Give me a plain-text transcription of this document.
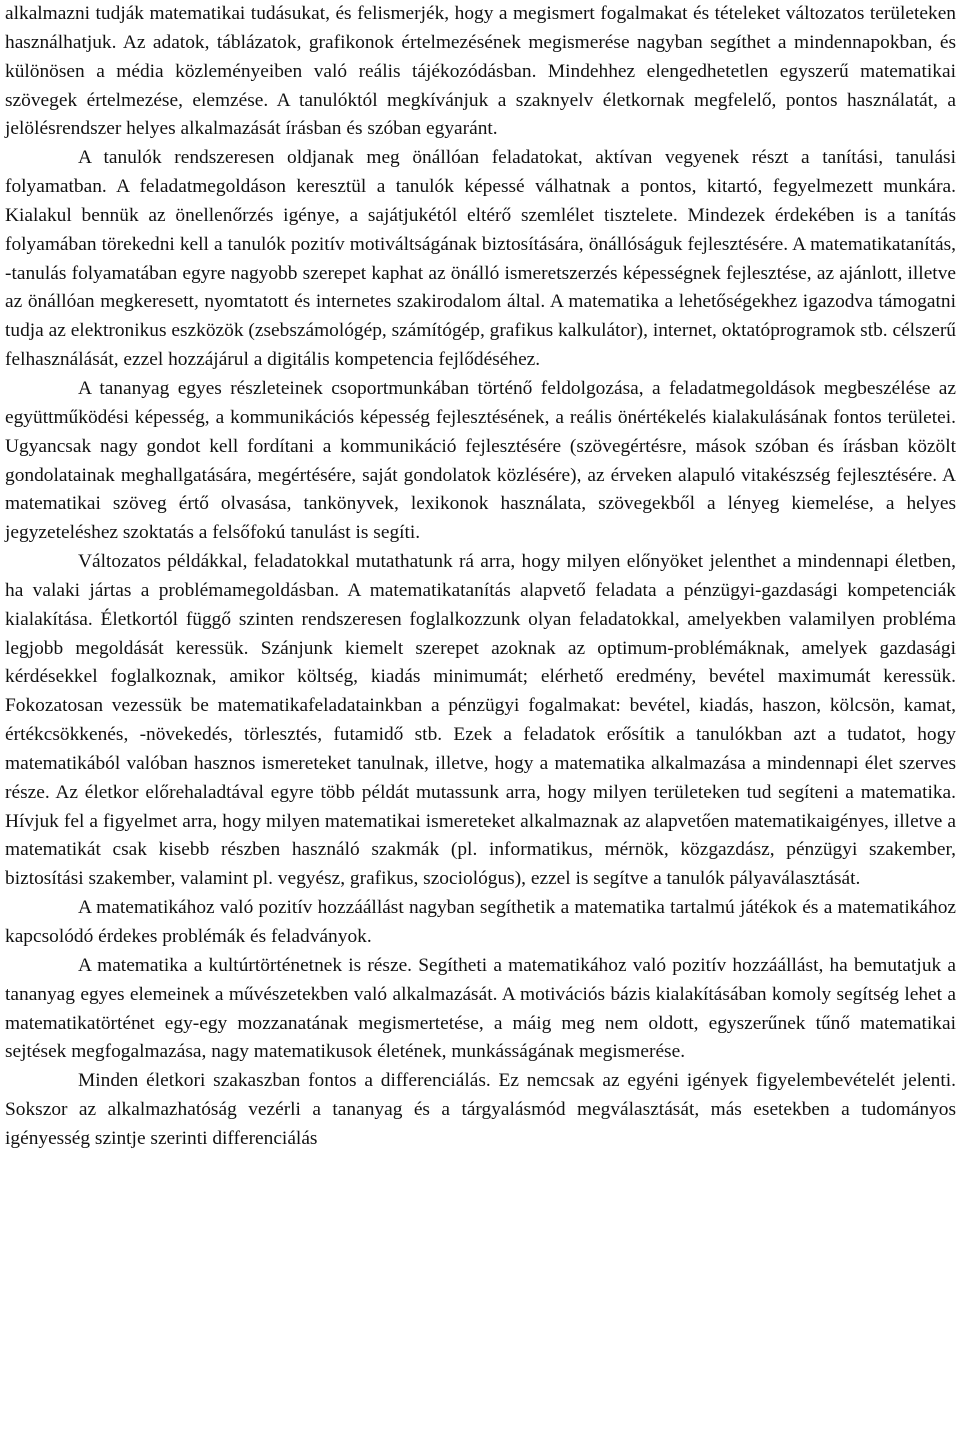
alkalmazni tudják matematikai tudásukat, és felismerjék, hogy a megismert fogalmakat és tételeket változatos területeken használhatjuk. Az adatok, táblázatok, grafikonok értelmezésének megismerése nagyban segíthet a mindennapokban, és különösen a média közleményeiben való reális tájékozódásban. Mindehhez elengedhetetlen egyszerű matematikai szövegek értelmezése, elemzése. A tanulóktól megkívánjuk a szaknyelv életkornak megfelelő, pontos használatát, a jelölésrendszer helyes alkalmazását írásban és szóban egyaránt.

A tanulók rendszeresen oldjanak meg önállóan feladatokat, aktívan vegyenek részt a tanítási, tanulási folyamatban. A feladatmegoldáson keresztül a tanulók képessé válhatnak a pontos, kitartó, fegyelmezett munkára. Kialakul bennük az önellenőrzés igénye, a sajátjukétól eltérő szemlélet tisztelete. Mindezek érdekében is a tanítás folyamában törekedni kell a tanulók pozitív motiváltságának biztosítására, önállóságuk fejlesztésére. A matematikatanítás, -tanulás folyamatában egyre nagyobb szerepet kaphat az önálló ismeretszerzés képességnek fejlesztése, az ajánlott, illetve az önállóan megkeresett, nyomtatott és internetes szakirodalom által. A matematika a lehetőségekhez igazodva támogatni tudja az elektronikus eszközök (zsebszámológép, számítógép, grafikus kalkulátor), internet, oktatóprogramok stb. célszerű felhasználását, ezzel hozzájárul a digitális kompetencia fejlődéséhez.

A tananyag egyes részleteinek csoportmunkában történő feldolgozása, a feladatmegoldások megbeszélése az együttműködési képesség, a kommunikációs képesség fejlesztésének, a reális önértékelés kialakulásának fontos területei. Ugyancsak nagy gondot kell fordítani a kommunikáció fejlesztésére (szövegértésre, mások szóban és írásban közölt gondolatainak meghallgatására, megértésére, saját gondolatok közlésére), az érveken alapuló vitakészség fejlesztésére. A matematikai szöveg értő olvasása, tankönyvek, lexikonok használata, szövegekből a lényeg kiemelése, a helyes jegyzeteléshez szoktatás a felsőfokú tanulást is segíti.

Változatos példákkal, feladatokkal mutathatunk rá arra, hogy milyen előnyöket jelenthet a mindennapi életben, ha valaki jártas a problémamegoldásban. A matematikatanítás alapvető feladata a pénzügyi-gazdasági kompetenciák kialakítása. Életkortól függő szinten rendszeresen foglalkozzunk olyan feladatokkal, amelyekben valamilyen probléma legjobb megoldását keressük. Szánjunk kiemelt szerepet azoknak az optimum-problémáknak, amelyek gazdasági kérdésekkel foglalkoznak, amikor költség, kiadás minimumát; elérhető eredmény, bevétel maximumát keressük. Fokozatosan vezessük be matematikafeladatainkban a pénzügyi fogalmakat: bevétel, kiadás, haszon, kölcsön, kamat, értékcsökkenés, -növekedés, törlesztés, futamidő stb. Ezek a feladatok erősítik a tanulókban azt a tudatot, hogy matematikából valóban hasznos ismereteket tanulnak, illetve, hogy a matematika alkalmazása a mindennapi élet szerves része. Az életkor előrehaladtával egyre több példát mutassunk arra, hogy milyen területeken tud segíteni a matematika. Hívjuk fel a figyelmet arra, hogy milyen matematikai ismereteket alkalmaznak az alapvetően matematikaigényes, illetve a matematikát csak kisebb részben használó szakmák (pl. informatikus, mérnök, közgazdász, pénzügyi szakember, biztosítási szakember, valamint pl. vegyész, grafikus, szociológus), ezzel is segítve a tanulók pályaválasztását.

A matematikához való pozitív hozzáállást nagyban segíthetik a matematika tartalmú játékok és a matematikához kapcsolódó érdekes problémák és feladványok.

A matematika a kultúrtörténetnek is része. Segítheti a matematikához való pozitív hozzáállást, ha bemutatjuk a tananyag egyes elemeinek a művészetekben való alkalmazását. A motivációs bázis kialakításában komoly segítség lehet a matematikatörténet egy-egy mozzanatának megismertetése, a máig meg nem oldott, egyszerűnek tűnő matematikai sejtések megfogalmazása, nagy matematikusok életének, munkásságának megismerése.

Minden életkori szakaszban fontos a differenciálás. Ez nemcsak az egyéni igények figyelembevételét jelenti. Sokszor az alkalmazhatóság vezérli a tananyag és a tárgyalásmód megválasztását, más esetekben a tudományos igényesség szintje szerinti differenciálás
